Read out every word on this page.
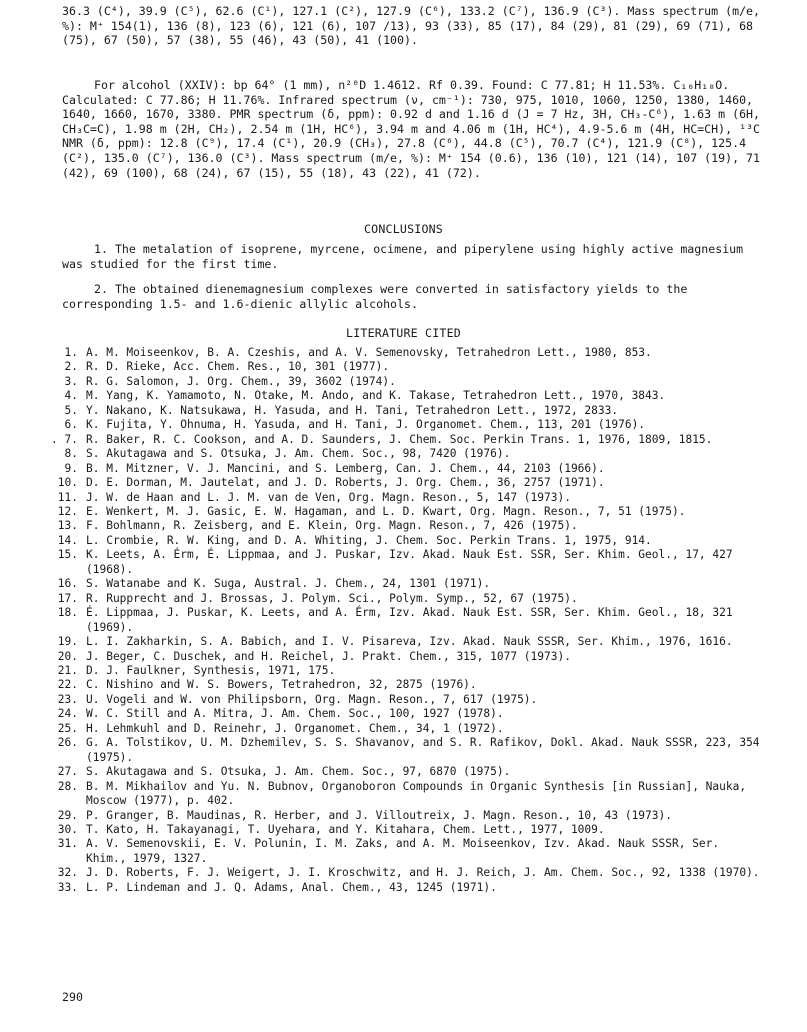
36.3 (C⁴), 39.9 (C⁵), 62.6 (C¹), 127.1 (C²), 127.9 (C⁶), 133.2 (C⁷), 136.9 (C³). Mass spectrum (m/e, %): M⁺ 154(1), 136 (8), 123 (6), 121 (6), 107 /13), 93 (33), 85 (17), 84 (29), 81 (29), 69 (71), 68 (75), 67 (50), 57 (38), 55 (46), 43 (50), 41 (100).

For alcohol (XXIV): bp 64° (1 mm), n²⁰D 1.4612. Rf 0.39. Found: C 77.81; H 11.53%. C₁₀H₁₈O. Calculated: C 77.86; H 11.76%. Infrared spectrum (ν, cm⁻¹): 730, 975, 1010, 1060, 1250, 1380, 1460, 1640, 1660, 1670, 3380. PMR spectrum (δ, ppm): 0.92 d and 1.16 d (J = 7 Hz, 3H, CH₃-C⁶), 1.63 m (6H, CH₃C=C), 1.98 m (2H, CH₂), 2.54 m (1H, HC⁶), 3.94 m and 4.06 m (1H, HC⁴), 4.9-5.6 m (4H, HC=CH), ¹³C NMR (δ, ppm): 12.8 (C⁹), 17.4 (C¹), 20.9 (CH₃), 27.8 (C⁶), 44.8 (C⁵), 70.7 (C⁴), 121.9 (C⁸), 125.4 (C²), 135.0 (C⁷), 136.0 (C³). Mass spectrum (m/e, %): M⁺ 154 (0.6), 136 (10), 121 (14), 107 (19), 71 (42), 69 (100), 68 (24), 67 (15), 55 (18), 43 (22), 41 (72).

CONCLUSIONS

1. The metalation of isoprene, myrcene, ocimene, and piperylene using highly active magnesium was studied for the first time.

2. The obtained dienemagnesium complexes were converted in satisfactory yields to the corresponding 1.5- and 1.6-dienic allylic alcohols.

LITERATURE CITED
1. A. M. Moiseenkov, B. A. Czeshis, and A. V. Semenovsky, Tetrahedron Lett., 1980, 853.
2. R. D. Rieke, Acc. Chem. Res., 10, 301 (1977).
3. R. G. Salomon, J. Org. Chem., 39, 3602 (1974).
4. M. Yang, K. Yamamoto, N. Otake, M. Ando, and K. Takase, Tetrahedron Lett., 1970, 3843.
5. Y. Nakano, K. Natsukawa, H. Yasuda, and H. Tani, Tetrahedron Lett., 1972, 2833.
6. K. Fujita, Y. Ohnuma, H. Yasuda, and H. Tani, J. Organomet. Chem., 113, 201 (1976).
. 7. R. Baker, R. C. Cookson, and A. D. Saunders, J. Chem. Soc. Perkin Trans. 1, 1976, 1809, 1815.
8. S. Akutagawa and S. Otsuka, J. Am. Chem. Soc., 98, 7420 (1976).
9. B. M. Mitzner, V. J. Mancini, and S. Lemberg, Can. J. Chem., 44, 2103 (1966).
10. D. E. Dorman, M. Jautelat, and J. D. Roberts, J. Org. Chem., 36, 2757 (1971).
11. J. W. de Haan and L. J. M. van de Ven, Org. Magn. Reson., 5, 147 (1973).
12. E. Wenkert, M. J. Gasic, E. W. Hagaman, and L. D. Kwart, Org. Magn. Reson., 7, 51 (1975).
13. F. Bohlmann, R. Zeisberg, and E. Klein, Org. Magn. Reson., 7, 426 (1975).
14. L. Crombie, R. W. King, and D. A. Whiting, J. Chem. Soc. Perkin Trans. 1, 1975, 914.
15. K. Leets, A. Érm, É. Lippmaa, and J. Puskar, Izv. Akad. Nauk Est. SSR, Ser. Khim. Geol., 17, 427 (1968).
16. S. Watanabe and K. Suga, Austral. J. Chem., 24, 1301 (1971).
17. R. Rupprecht and J. Brossas, J. Polym. Sci., Polym. Symp., 52, 67 (1975).
18. É. Lippmaa, J. Puskar, K. Leets, and A. Érm, Izv. Akad. Nauk Est. SSR, Ser. Khim. Geol., 18, 321 (1969).
19. L. I. Zakharkin, S. A. Babich, and I. V. Pisareva, Izv. Akad. Nauk SSSR, Ser. Khim., 1976, 1616.
20. J. Beger, C. Duschek, and H. Reichel, J. Prakt. Chem., 315, 1077 (1973).
21. D. J. Faulkner, Synthesis, 1971, 175.
22. C. Nishino and W. S. Bowers, Tetrahedron, 32, 2875 (1976).
23. U. Vogeli and W. von Philipsborn, Org. Magn. Reson., 7, 617 (1975).
24. W. C. Still and A. Mitra, J. Am. Chem. Soc., 100, 1927 (1978).
25. H. Lehmkuhl and D. Reinehr, J. Organomet. Chem., 34, 1 (1972).
26. G. A. Tolstikov, U. M. Dzhemilev, S. S. Shavanov, and S. R. Rafikov, Dokl. Akad. Nauk SSSR, 223, 354 (1975).
27. S. Akutagawa and S. Otsuka, J. Am. Chem. Soc., 97, 6870 (1975).
28. B. M. Mikhailov and Yu. N. Bubnov, Organoboron Compounds in Organic Synthesis [in Russian], Nauka, Moscow (1977), p. 402.
29. P. Granger, B. Maudinas, R. Herber, and J. Villoutreix, J. Magn. Reson., 10, 43 (1973).
30. T. Kato, H. Takayanagi, T. Uyehara, and Y. Kitahara, Chem. Lett., 1977, 1009.
31. A. V. Semenovskii, E. V. Polunin, I. M. Zaks, and A. M. Moiseenkov, Izv. Akad. Nauk SSSR, Ser. Khim., 1979, 1327.
32. J. D. Roberts, F. J. Weigert, J. I. Kroschwitz, and H. J. Reich, J. Am. Chem. Soc., 92, 1338 (1970).
33. L. P. Lindeman and J. Q. Adams, Anal. Chem., 43, 1245 (1971).
290
